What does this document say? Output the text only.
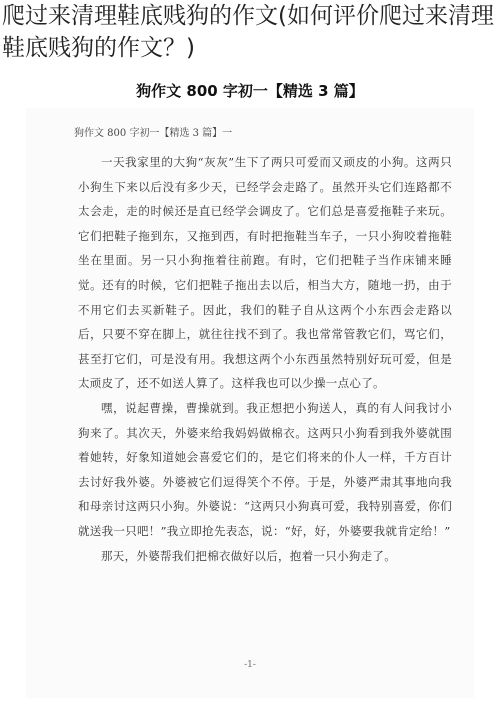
爬过来清理鞋底贱狗的作文(如何评价爬过来清理鞋底贱狗的作文？)
狗作文 800 字初一【精选 3 篇】
狗作文 800 字初一【精选 3 篇】一

一天我家里的大狗“灰灰”生下了两只可爱而又顽皮的小狗。这两只小狗生下来以后没有多少天，已经学会走路了。虽然开头它们连路都不太会走，走的时候还是直已经学会调皮了。它们总是喜爱拖鞋子来玩。它们把鞋子拖到东，又拖到西，有时把拖鞋当车子，一只小狗咬着拖鞋坐在里面。另一只小狗拖着往前跑。有时，它们把鞋子当作床铺来睡觉。还有的时候，它们把鞋子拖出去以后，相当大方，随地一扔，由于不用它们去买新鞋子。因此，我们的鞋子自从这两个小东西会走路以后，只要不穿在脚上，就往往找不到了。我也常常管教它们，骂它们，甚至打它们，可是没有用。我想这两个小东西虽然特别好玩可爱，但是太顽皮了，还不如送人算了。这样我也可以少操一点心了。

嘿，说起曹操，曹操就到。我正想把小狗送人，真的有人问我讨小狗来了。其次天，外婆来给我妈妈做棉衣。这两只小狗看到我外婆就围着她转，好象知道她会喜爱它们的，是它们将来的仆人一样，千方百计去讨好我外婆。外婆被它们逗得笑个不停。于是，外婆严肃其事地向我和母亲讨这两只小狗。外婆说：“这两只小狗真可爱，我特别喜爱，你们就送我一只吧！”我立即抢先表态，说：“好，好，外婆要我就肯定给！”

那天，外婆帮我们把棉衣做好以后，抱着一只小狗走了。

-1-
